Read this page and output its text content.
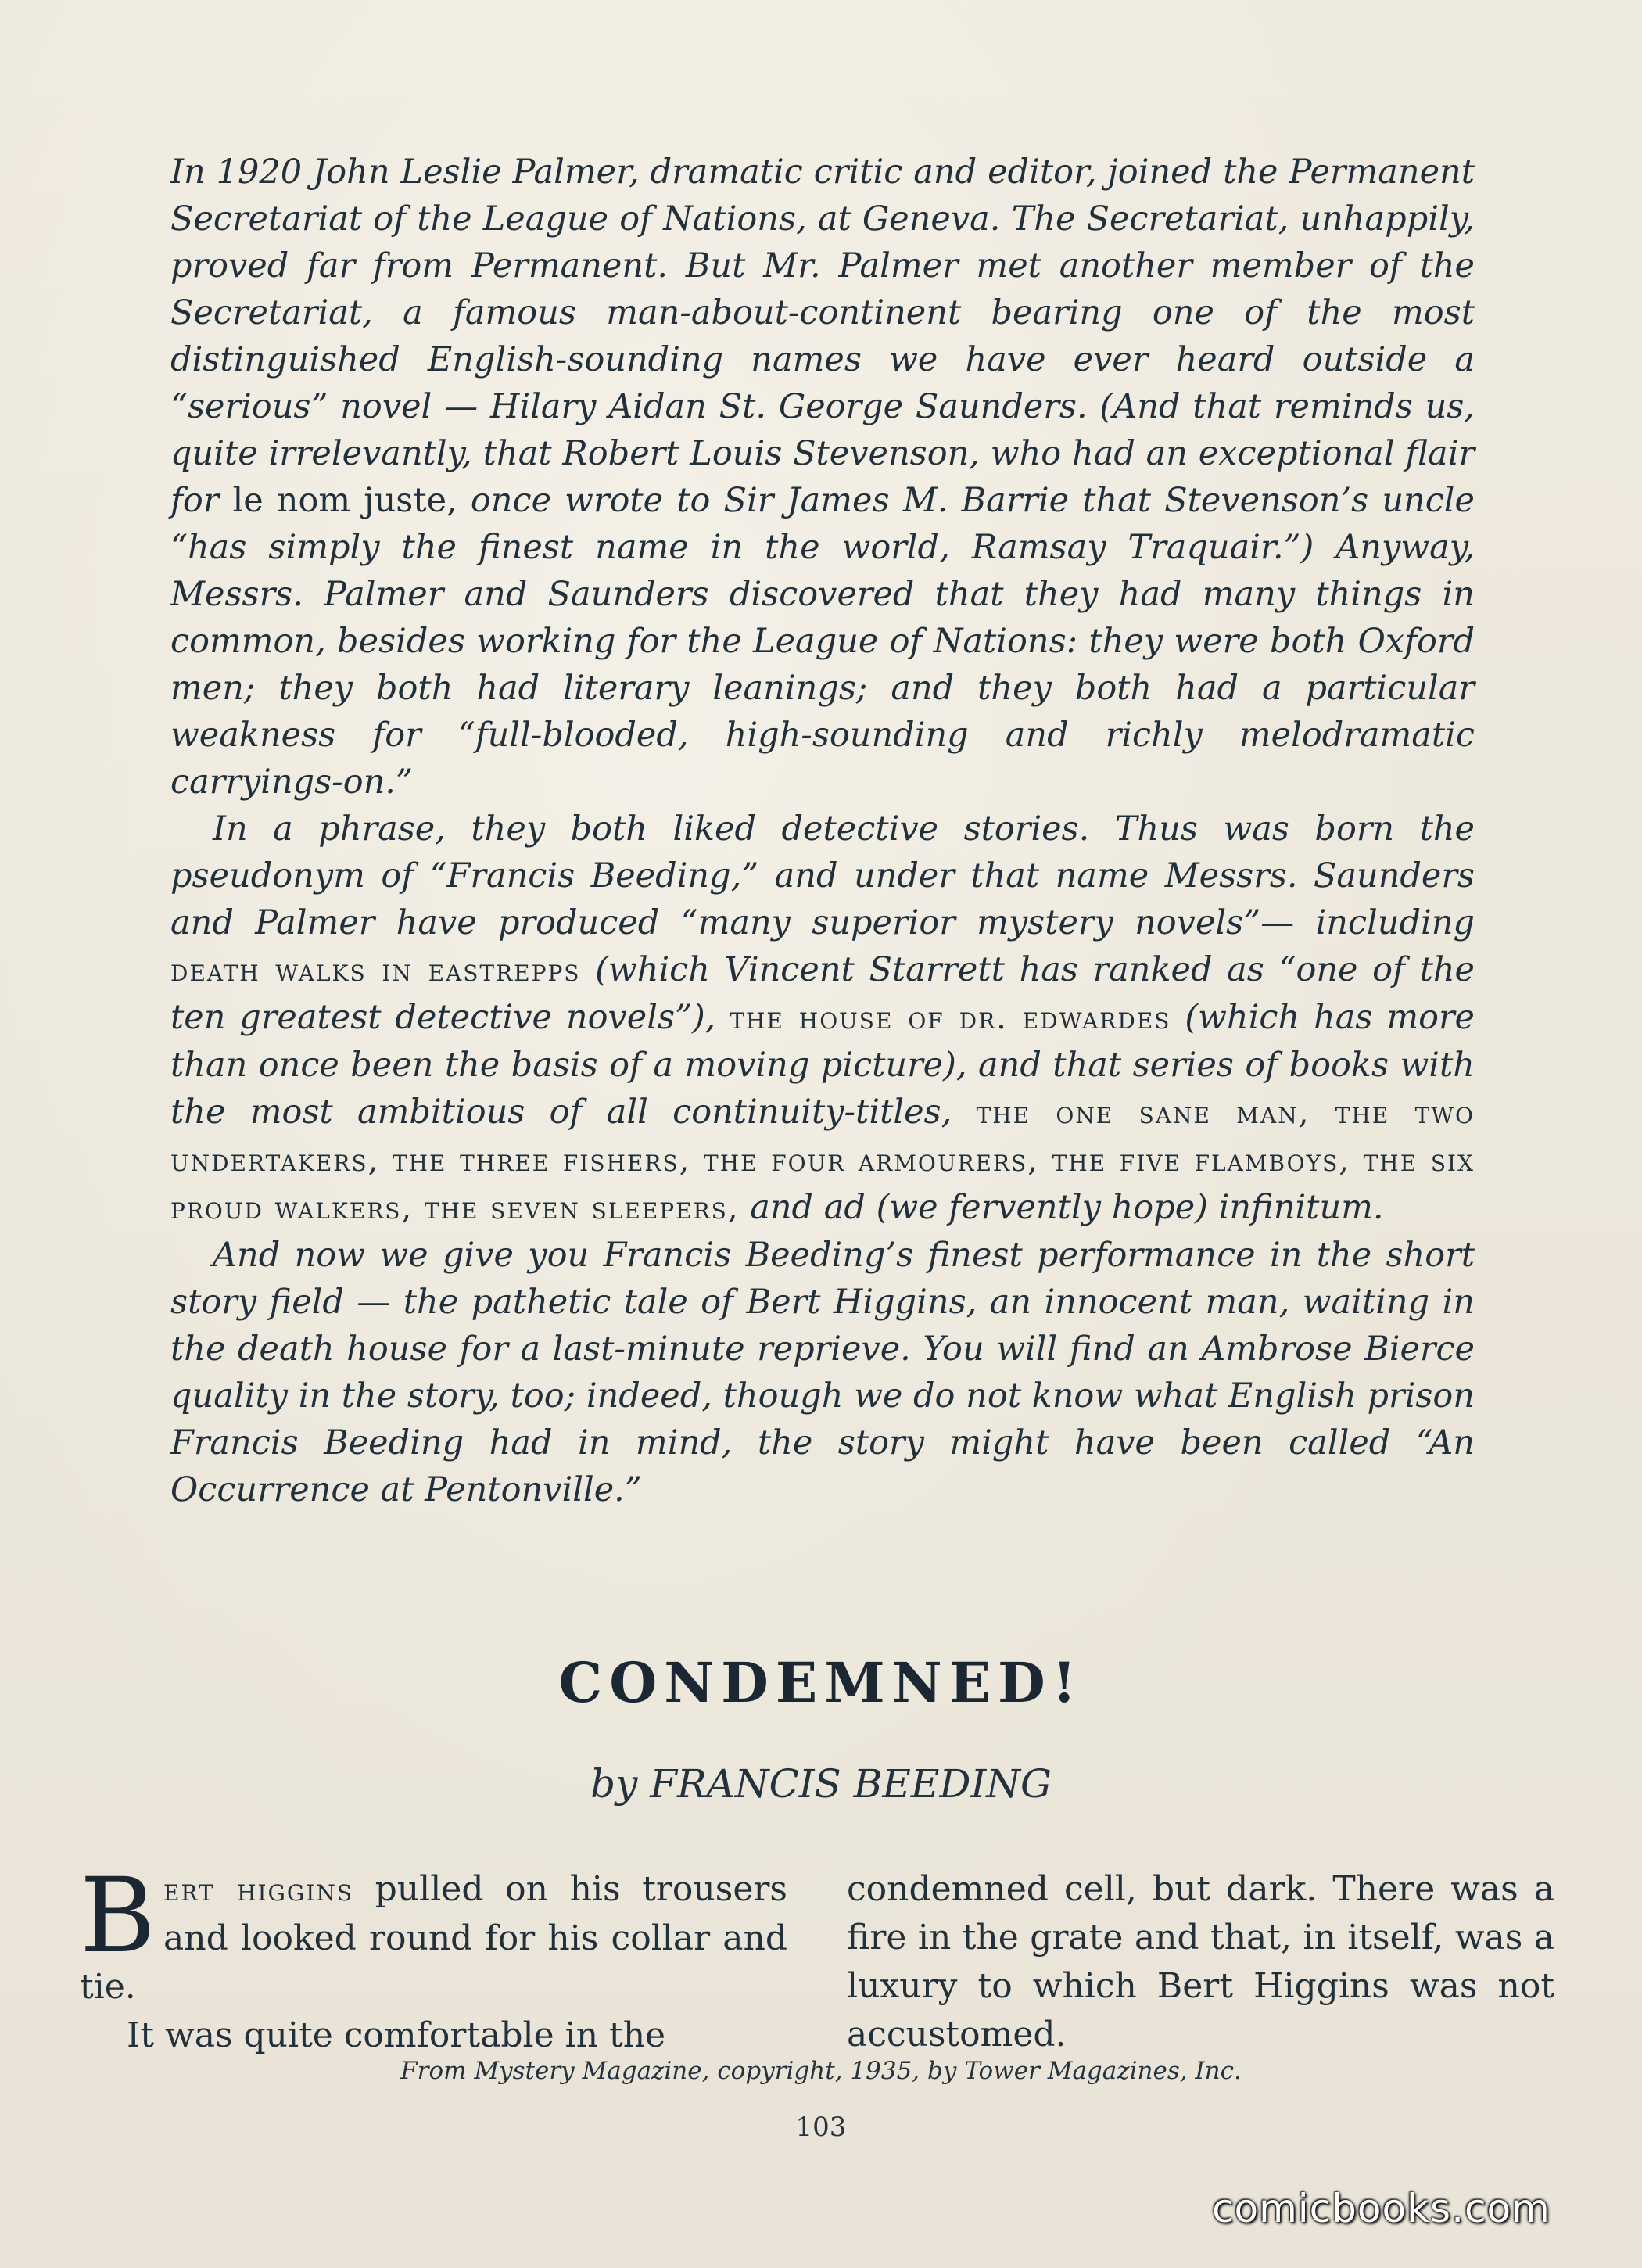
In 1920 John Leslie Palmer, dramatic critic and editor, joined the Permanent Secretariat of the League of Nations, at Geneva. The Secretariat, unhappily, proved far from Permanent. But Mr. Palmer met another member of the Secretariat, a famous man-about-continent bearing one of the most distinguished English-sounding names we have ever heard outside a “serious” novel — Hilary Aidan St. George Saunders. (And that reminds us, quite irrelevantly, that Robert Louis Stevenson, who had an exceptional flair for le nom juste, once wrote to Sir James M. Barrie that Stevenson’s uncle “has simply the finest name in the world, Ramsay Traquair.”) Anyway, Messrs. Palmer and Saunders discovered that they had many things in common, besides working for the League of Nations: they were both Oxford men; they both had literary leanings; and they both had a particular weakness for “full-blooded, high-sounding and richly melodramatic carryings-on.”

In a phrase, they both liked detective stories. Thus was born the pseudonym of “Francis Beeding,” and under that name Messrs. Saunders and Palmer have produced “many superior mystery novels”— including death walks in eastrepps (which Vincent Starrett has ranked as “one of the ten greatest detective novels”), the house of dr. edwardes (which has more than once been the basis of a moving picture), and that series of books with the most ambitious of all continuity-titles, the one sane man, the two undertakers, the three fishers, the four armourers, the five flamboys, the six proud walkers, the seven sleepers, and ad (we fervently hope) infinitum.

And now we give you Francis Beeding’s finest performance in the short story field — the pathetic tale of Bert Higgins, an innocent man, waiting in the death house for a last-minute reprieve. You will find an Ambrose Bierce quality in the story, too; indeed, though we do not know what English prison Francis Beeding had in mind, the story might have been called “An Occurrence at Pentonville.”

CONDEMNED!
by FRANCIS BEEDING

Bert higgins pulled on his trousers and looked round for his collar and tie.

It was quite comfortable in the

condemned cell, but dark. There was a fire in the grate and that, in itself, was a luxury to which Bert Higgins was not accustomed.

From Mystery Magazine, copyright, 1935, by Tower Magazines, Inc.
103
comicbooks.com
